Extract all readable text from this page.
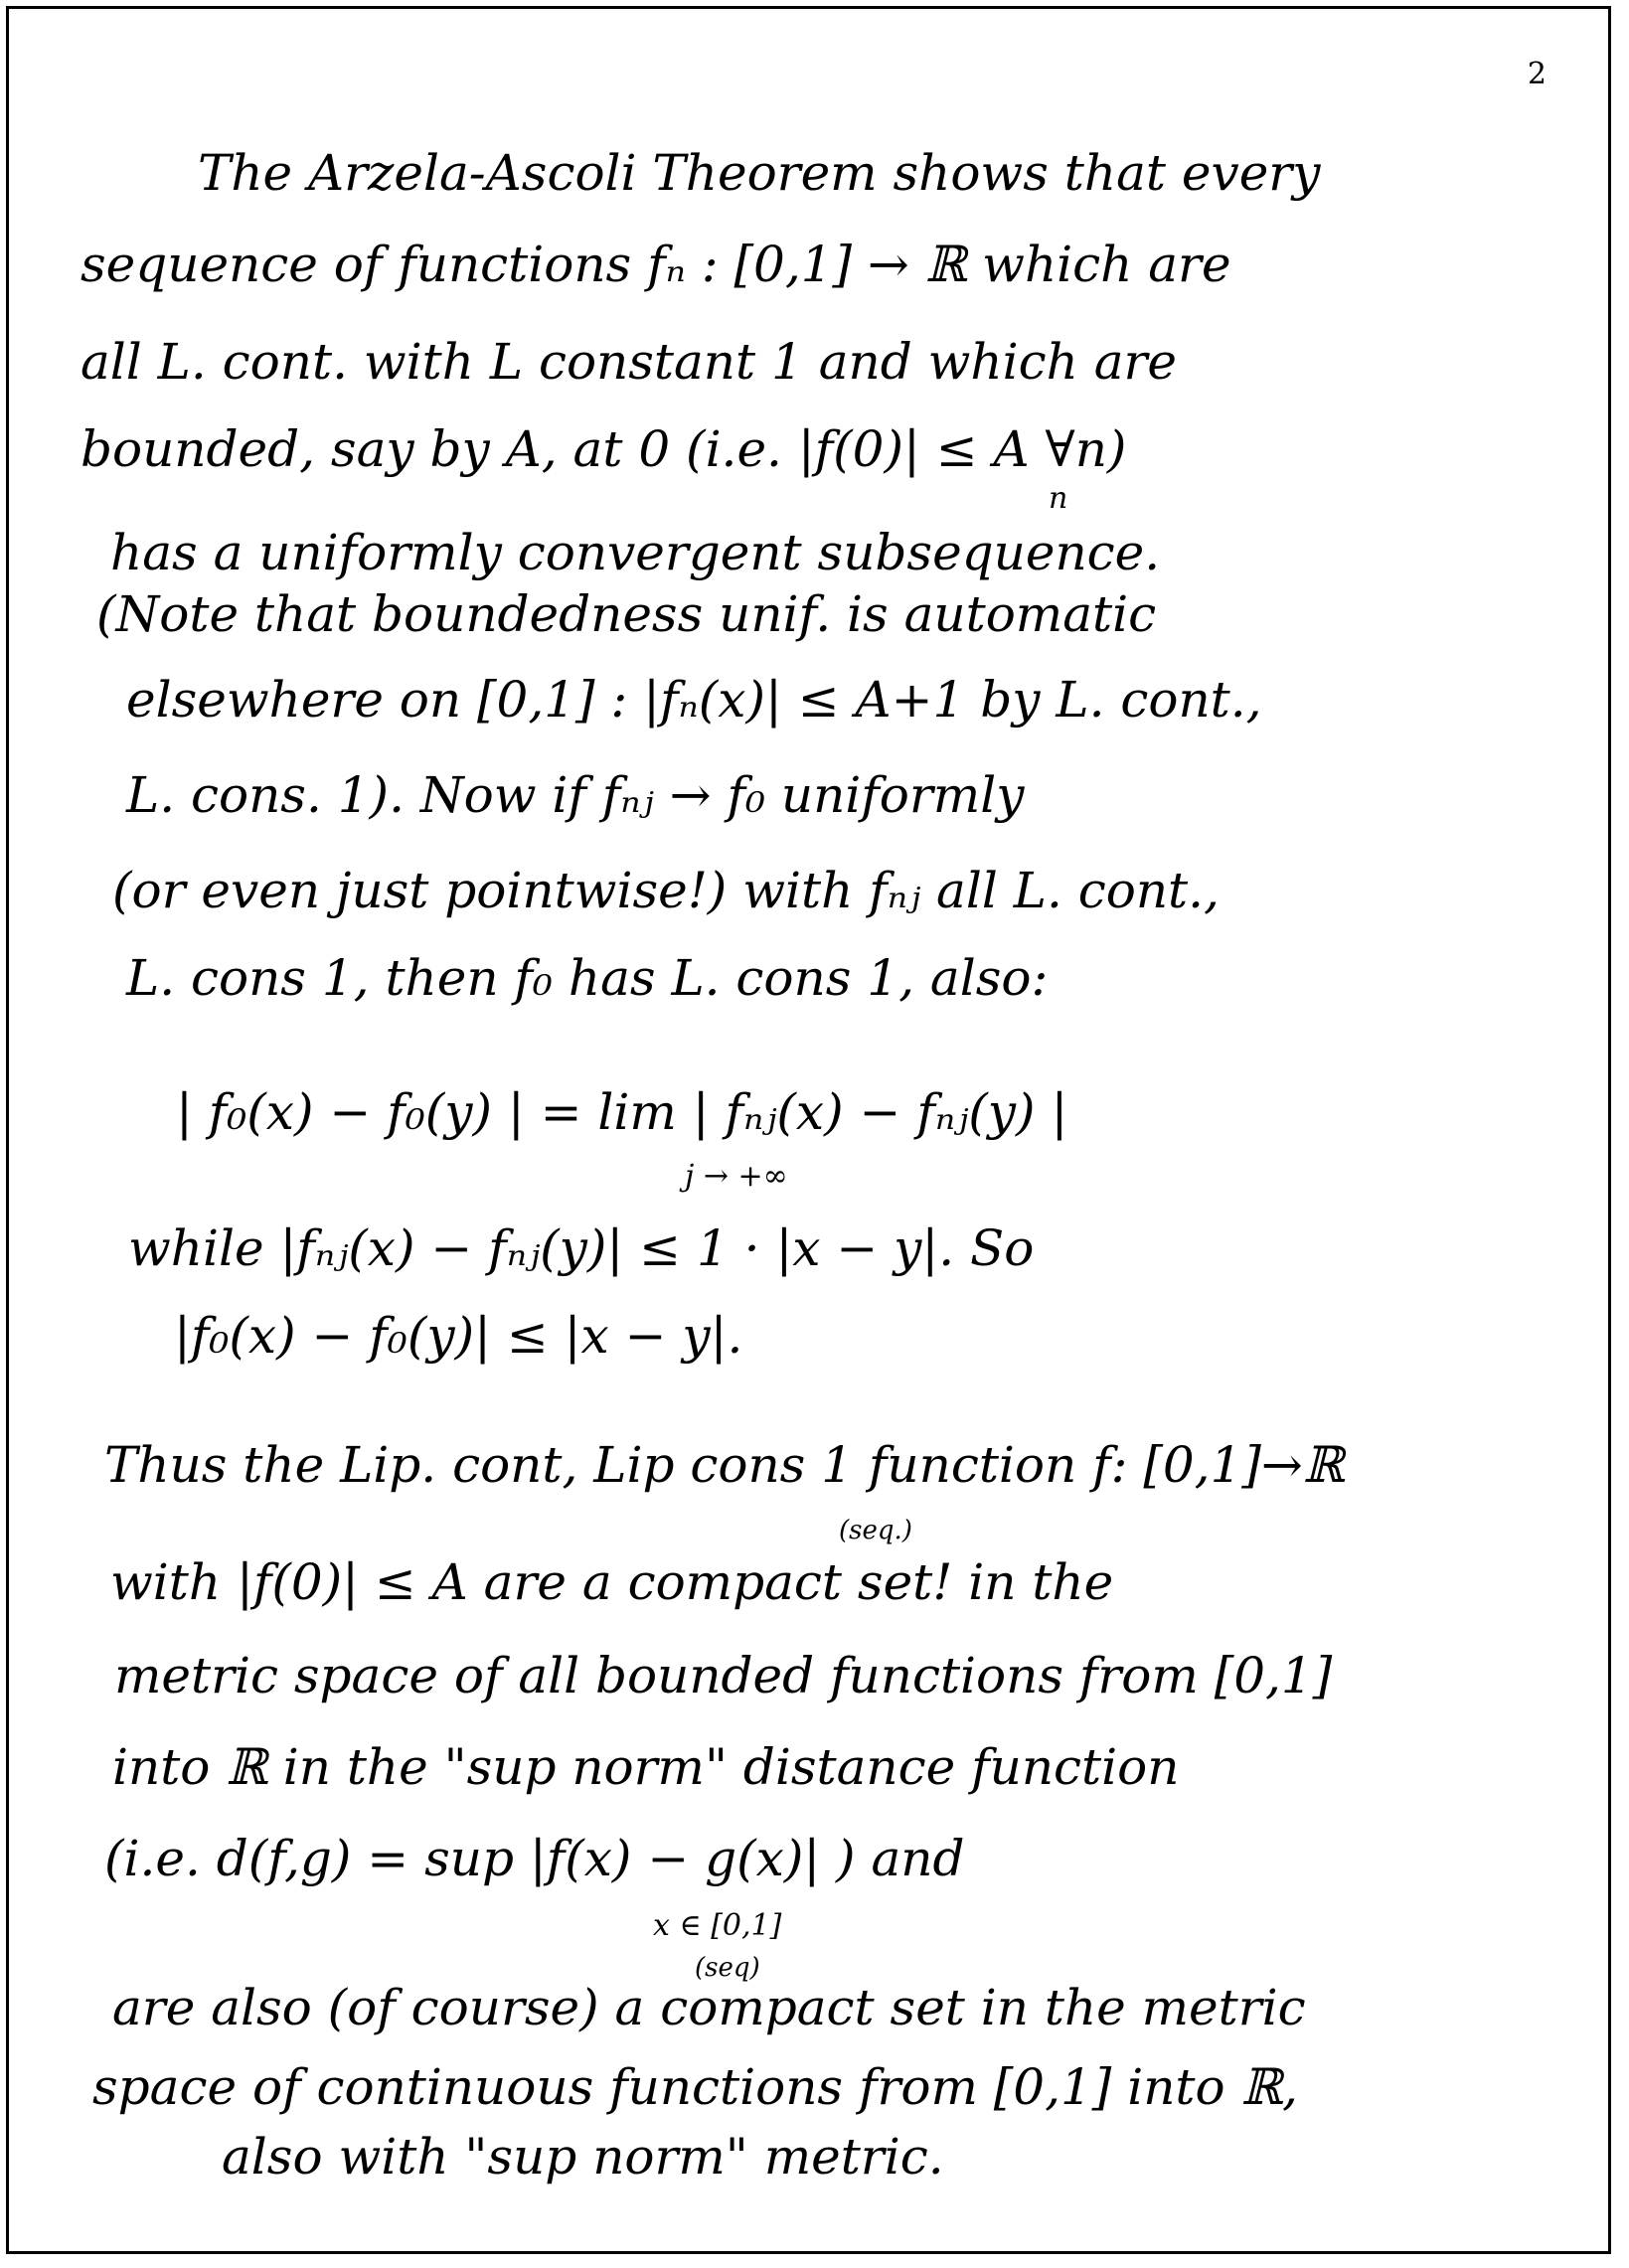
2
The Arzela-Ascoli Theorem shows that every
sequence of functions fₙ : [0,1] → ℝ which are
all L. cont. with L constant 1 and which are
bounded, say by A, at 0 (i.e. |f(0)| ≤ A ∀n)
n
has a uniformly convergent subsequence.
(Note that boundedness unif. is automatic
elsewhere on [0,1] : |fₙ(x)| ≤ A+1 by L. cont.,
L. cons. 1). Now if fₙⱼ → f₀ uniformly
(or even just pointwise!) with fₙⱼ all L. cont.,
L. cons 1, then f₀ has L. cons 1, also:
| f₀(x) − f₀(y) | = lim | fₙⱼ(x) − fₙⱼ(y) |
j → +∞
while |fₙⱼ(x) − fₙⱼ(y)| ≤ 1 · |x − y|. So
|f₀(x) − f₀(y)| ≤ |x − y|.
(seq.)
Thus the Lip. cont, Lip cons 1 function f: [0,1]→ℝ
with |f(0)| ≤ A are a compact set! in the
metric space of all bounded functions from [0,1]
into ℝ in the "sup norm" distance function
(i.e. d(f,g) = sup |f(x) − g(x)| ) and
x ∈ [0,1]
(seq)
are also (of course) a compact set in the metric
space of continuous functions from [0,1] into ℝ,
also with "sup norm" metric.
